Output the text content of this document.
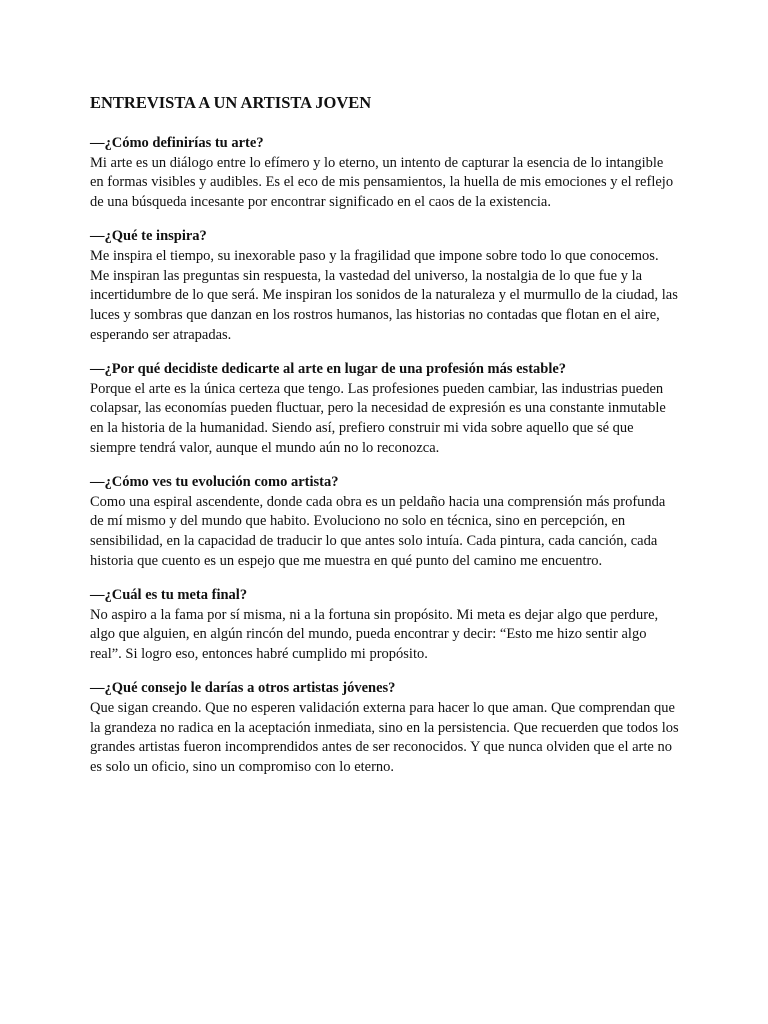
ENTREVISTA A UN ARTISTA JOVEN

—¿Cómo definirías tu arte?

Mi arte es un diálogo entre lo efímero y lo eterno, un intento de capturar la esencia de lo intangible en formas visibles y audibles. Es el eco de mis pensamientos, la huella de mis emociones y el reflejo de una búsqueda incesante por encontrar significado en el caos de la existencia.

—¿Qué te inspira?

Me inspira el tiempo, su inexorable paso y la fragilidad que impone sobre todo lo que conocemos. Me inspiran las preguntas sin respuesta, la vastedad del universo, la nostalgia de lo que fue y la incertidumbre de lo que será. Me inspiran los sonidos de la naturaleza y el murmullo de la ciudad, las luces y sombras que danzan en los rostros humanos, las historias no contadas que flotan en el aire, esperando ser atrapadas.

—¿Por qué decidiste dedicarte al arte en lugar de una profesión más estable?

Porque el arte es la única certeza que tengo. Las profesiones pueden cambiar, las industrias pueden colapsar, las economías pueden fluctuar, pero la necesidad de expresión es una constante inmutable en la historia de la humanidad. Siendo así, prefiero construir mi vida sobre aquello que sé que siempre tendrá valor, aunque el mundo aún no lo reconozca.

—¿Cómo ves tu evolución como artista?

Como una espiral ascendente, donde cada obra es un peldaño hacia una comprensión más profunda de mí mismo y del mundo que habito. Evoluciono no solo en técnica, sino en percepción, en sensibilidad, en la capacidad de traducir lo que antes solo intuía. Cada pintura, cada canción, cada historia que cuento es un espejo que me muestra en qué punto del camino me encuentro.

—¿Cuál es tu meta final?

No aspiro a la fama por sí misma, ni a la fortuna sin propósito. Mi meta es dejar algo que perdure, algo que alguien, en algún rincón del mundo, pueda encontrar y decir: “Esto me hizo sentir algo real”. Si logro eso, entonces habré cumplido mi propósito.

—¿Qué consejo le darías a otros artistas jóvenes?

Que sigan creando. Que no esperen validación externa para hacer lo que aman. Que comprendan que la grandeza no radica en la aceptación inmediata, sino en la persistencia. Que recuerden que todos los grandes artistas fueron incomprendidos antes de ser reconocidos. Y que nunca olviden que el arte no es solo un oficio, sino un compromiso con lo eterno.
